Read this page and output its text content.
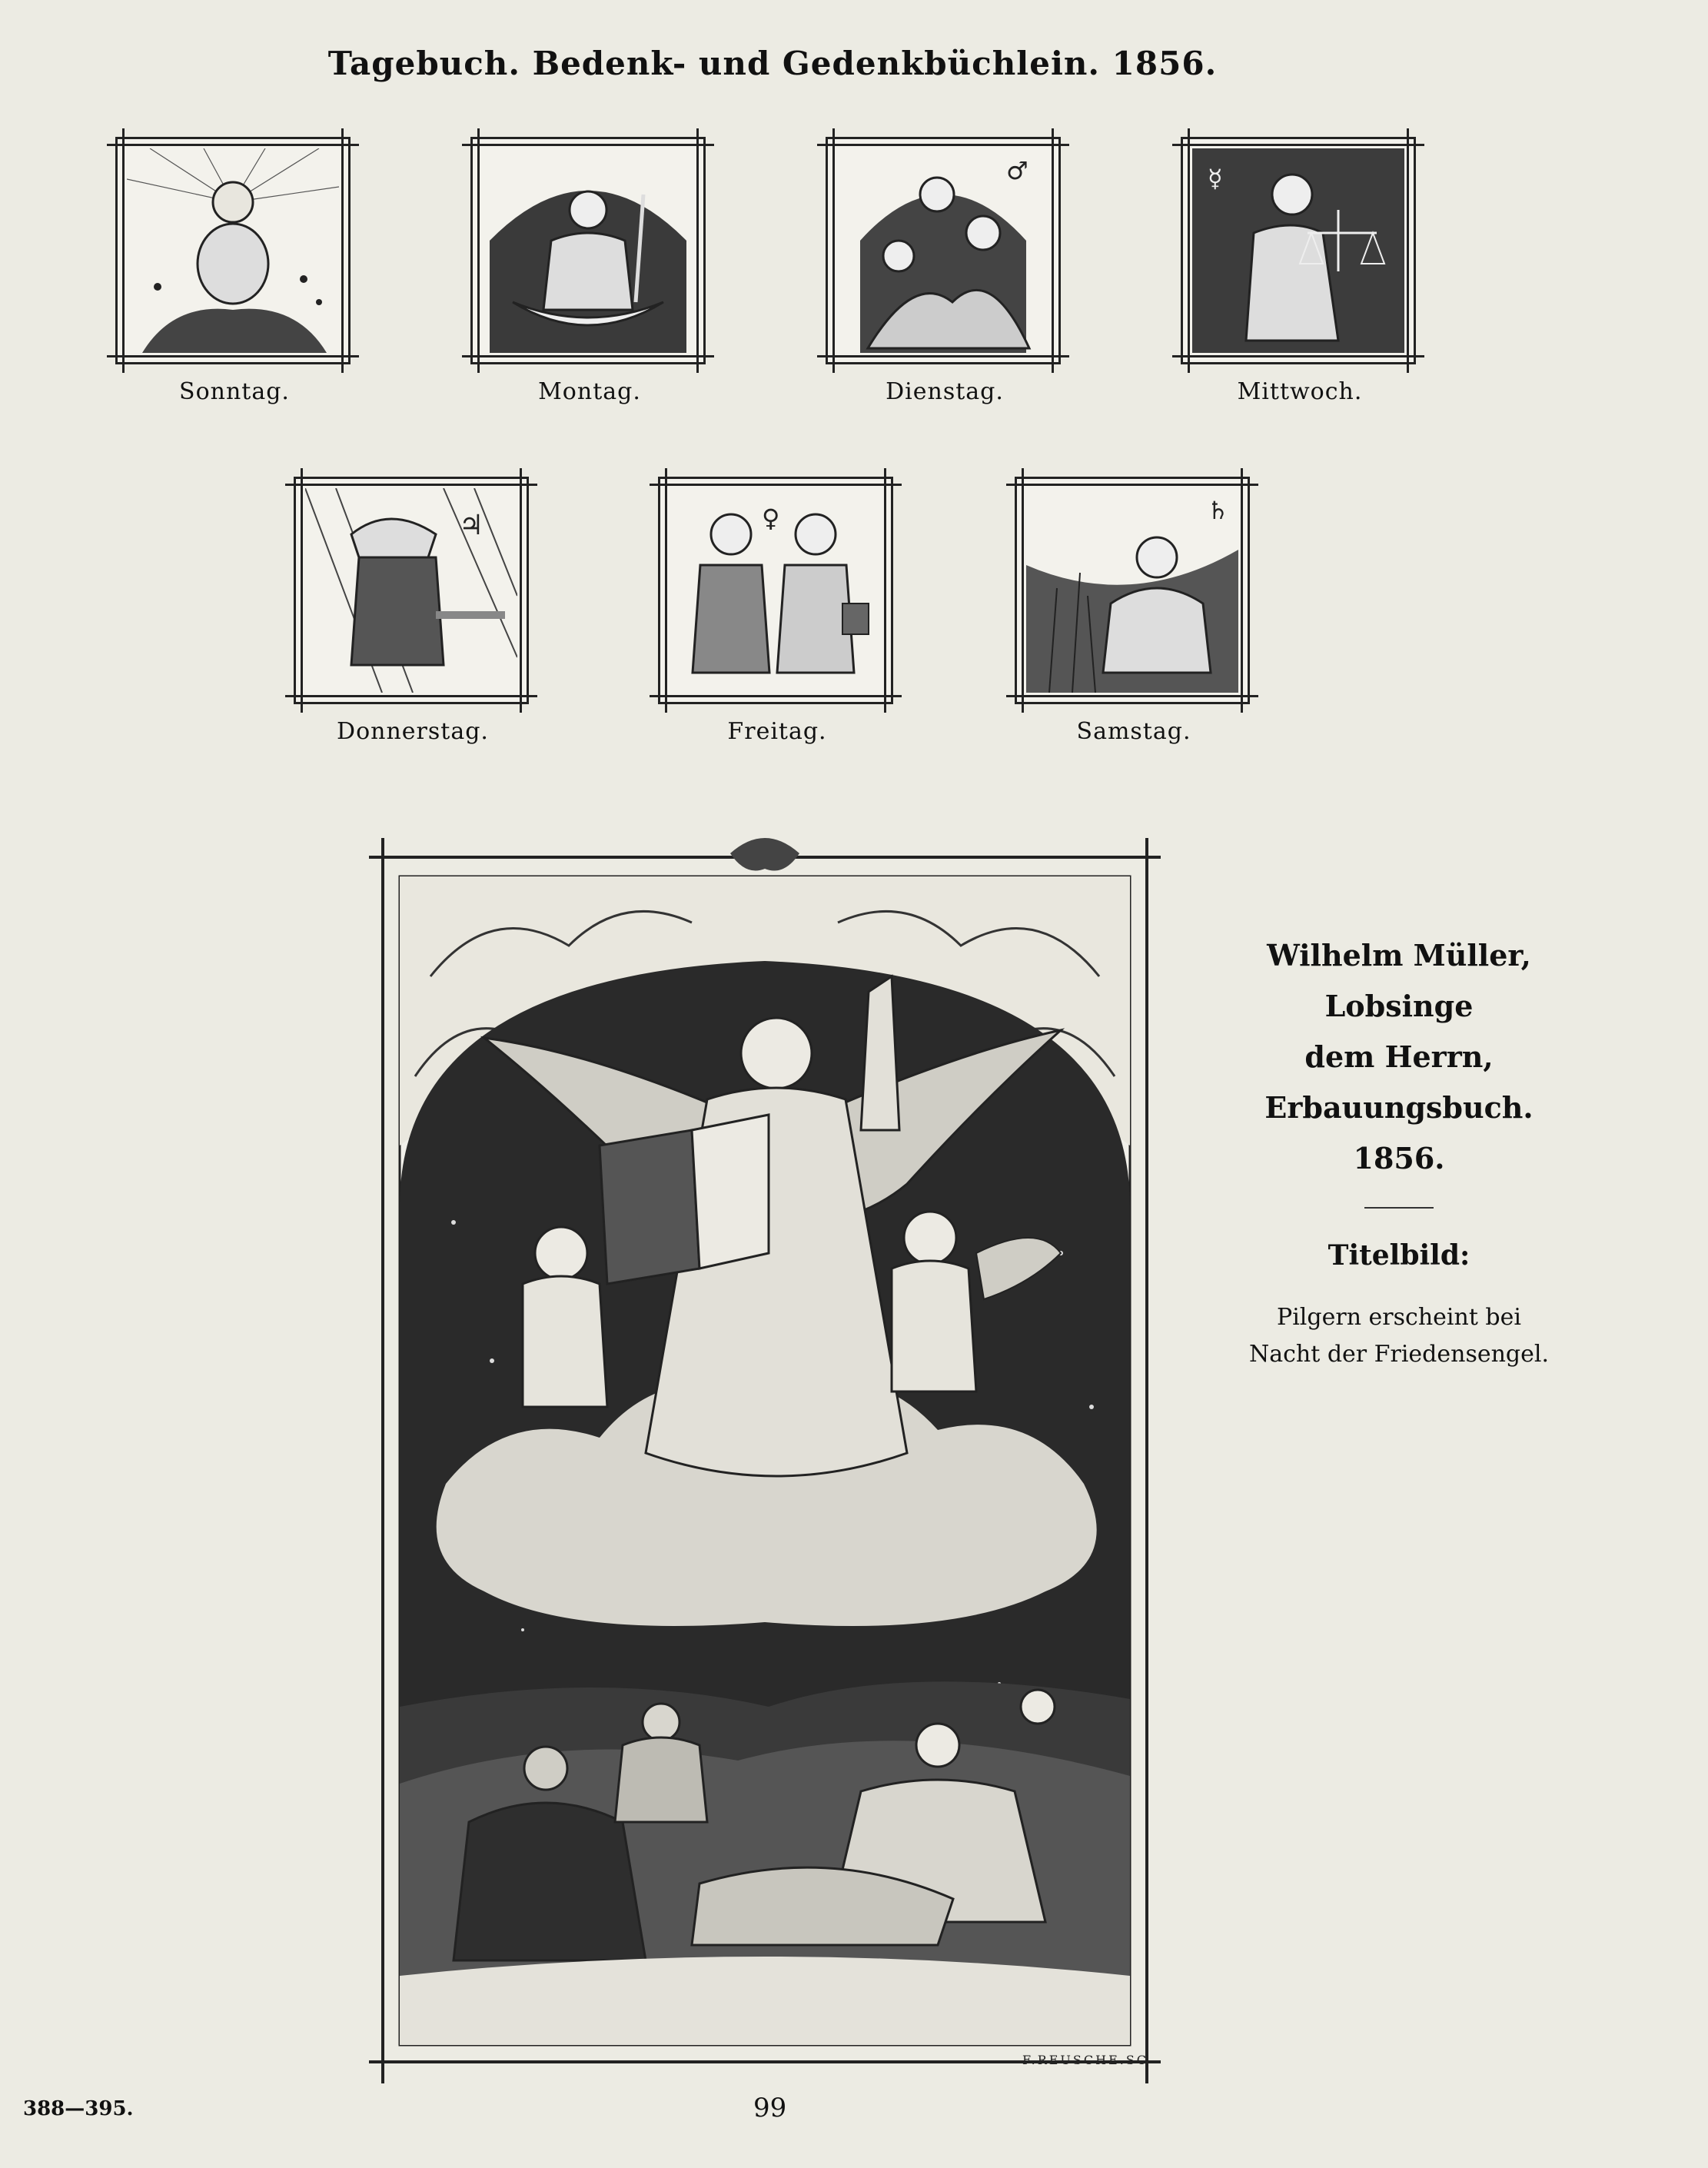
Tagebuch. Bedenk- und Gedenkbüchlein. 1856.
Sonntag.	Montag.
♂
Dienstag.
☿
Mittwoch.
♃
Donnerstag.
♀
Freitag.
♄
Samstag.
F.REUSCHE.SC
Wilhelm Müller,
Lobsinge
dem Herrn,
Erbauungsbuch.
1856.
Titelbild:
Pilgern erscheint bei
Nacht der Friedensengel.
388—395.	99
